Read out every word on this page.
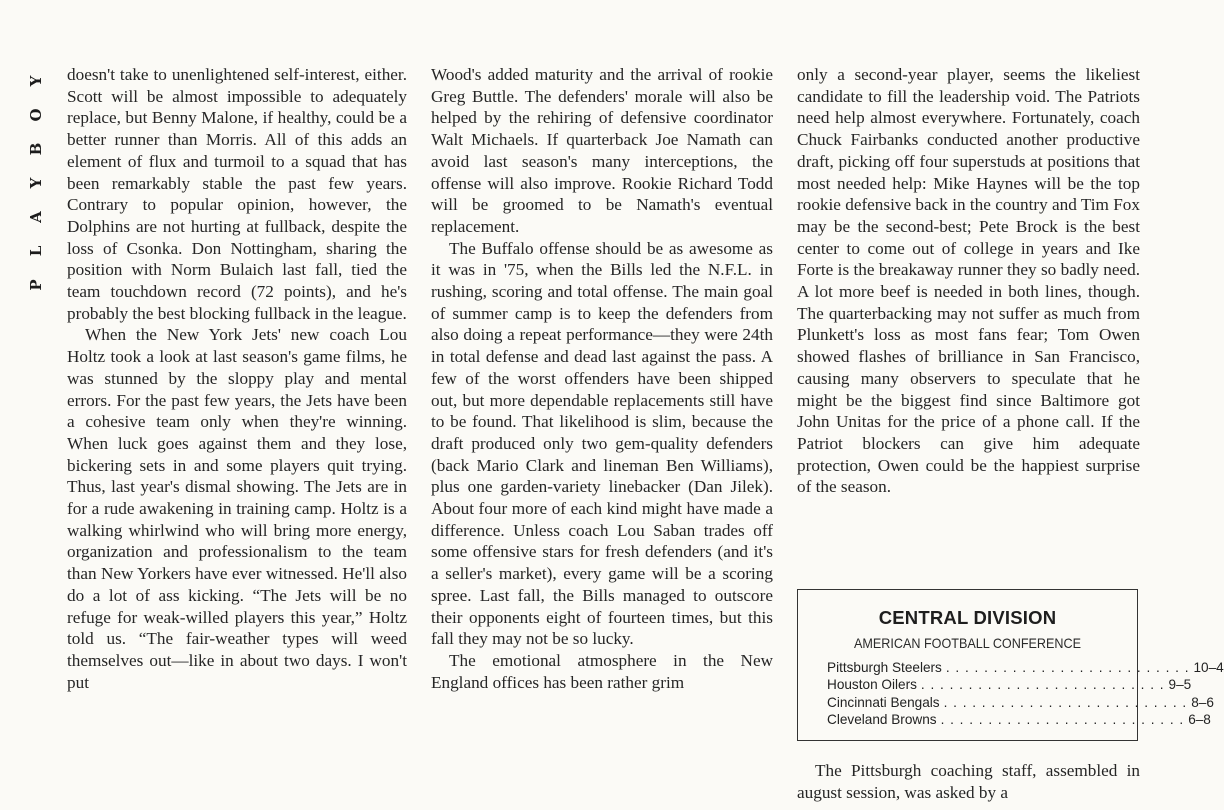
Y
O
B
Y
A
L
P

doesn't take to unenlightened self-interest, either. Scott will be almost impossible to adequately replace, but Benny Malone, if healthy, could be a better runner than Morris. All of this adds an element of flux and turmoil to a squad that has been remarkably stable the past few years. Contrary to popular opinion, however, the Dolphins are not hurting at fullback, despite the loss of Csonka. Don Nottingham, sharing the position with Norm Bulaich last fall, tied the team touchdown record (72 points), and he's probably the best blocking fullback in the league.

When the New York Jets' new coach Lou Holtz took a look at last season's game films, he was stunned by the sloppy play and mental errors. For the past few years, the Jets have been a cohesive team only when they're winning. When luck goes against them and they lose, bickering sets in and some players quit trying. Thus, last year's dismal showing. The Jets are in for a rude awakening in training camp. Holtz is a walking whirlwind who will bring more energy, organization and professionalism to the team than New Yorkers have ever witnessed. He'll also do a lot of ass kicking. “The Jets will be no refuge for weak-willed players this year,” Holtz told us. “The fair-weather types will weed themselves out—like in about two days. I won't put

Wood's added maturity and the arrival of rookie Greg Buttle. The defenders' morale will also be helped by the rehiring of defensive coordinator Walt Michaels. If quarterback Joe Namath can avoid last season's many interceptions, the offense will also improve. Rookie Richard Todd will be groomed to be Namath's eventual replacement.

The Buffalo offense should be as awesome as it was in '75, when the Bills led the N.F.L. in rushing, scoring and total offense. The main goal of summer camp is to keep the defenders from also doing a repeat performance—they were 24th in total defense and dead last against the pass. A few of the worst offenders have been shipped out, but more dependable replacements still have to be found. That likelihood is slim, because the draft produced only two gem-quality defenders (back Mario Clark and lineman Ben Williams), plus one garden-variety linebacker (Dan Jilek). About four more of each kind might have made a difference. Unless coach Lou Saban trades off some offensive stars for fresh defenders (and it's a seller's market), every game will be a scoring spree. Last fall, the Bills managed to outscore their opponents eight of fourteen times, but this fall they may not be so lucky.

The emotional atmosphere in the New England offices has been rather grim

only a second-year player, seems the likeliest candidate to fill the leadership void. The Patriots need help almost everywhere. Fortunately, coach Chuck Fairbanks conducted another productive draft, picking off four superstuds at positions that most needed help: Mike Haynes will be the top rookie defensive back in the country and Tim Fox may be the second-best; Pete Brock is the best center to come out of college in years and Ike Forte is the breakaway runner they so badly need. A lot more beef is needed in both lines, though. The quarterbacking may not suffer as much from Plunkett's loss as most fans fear; Tom Owen showed flashes of brilliance in San Francisco, causing many observers to speculate that he might be the biggest find since Baltimore got John Unitas for the price of a phone call. If the Patriot blockers can give him adequate protection, Owen could be the happiest surprise of the season.

CENTRAL DIVISION
AMERICAN FOOTBALL CONFERENCE
Pittsburgh Steelers . . . . . . . . . . . . . . . . . . . . . . . . . . 10–4
Houston Oilers . . . . . . . . . . . . . . . . . . . . . . . . . . 9–5
Cincinnati Bengals . . . . . . . . . . . . . . . . . . . . . . . . . . 8–6
Cleveland Browns . . . . . . . . . . . . . . . . . . . . . . . . . . 6–8
The Pittsburgh coaching staff, assembled in august session, was asked by a
